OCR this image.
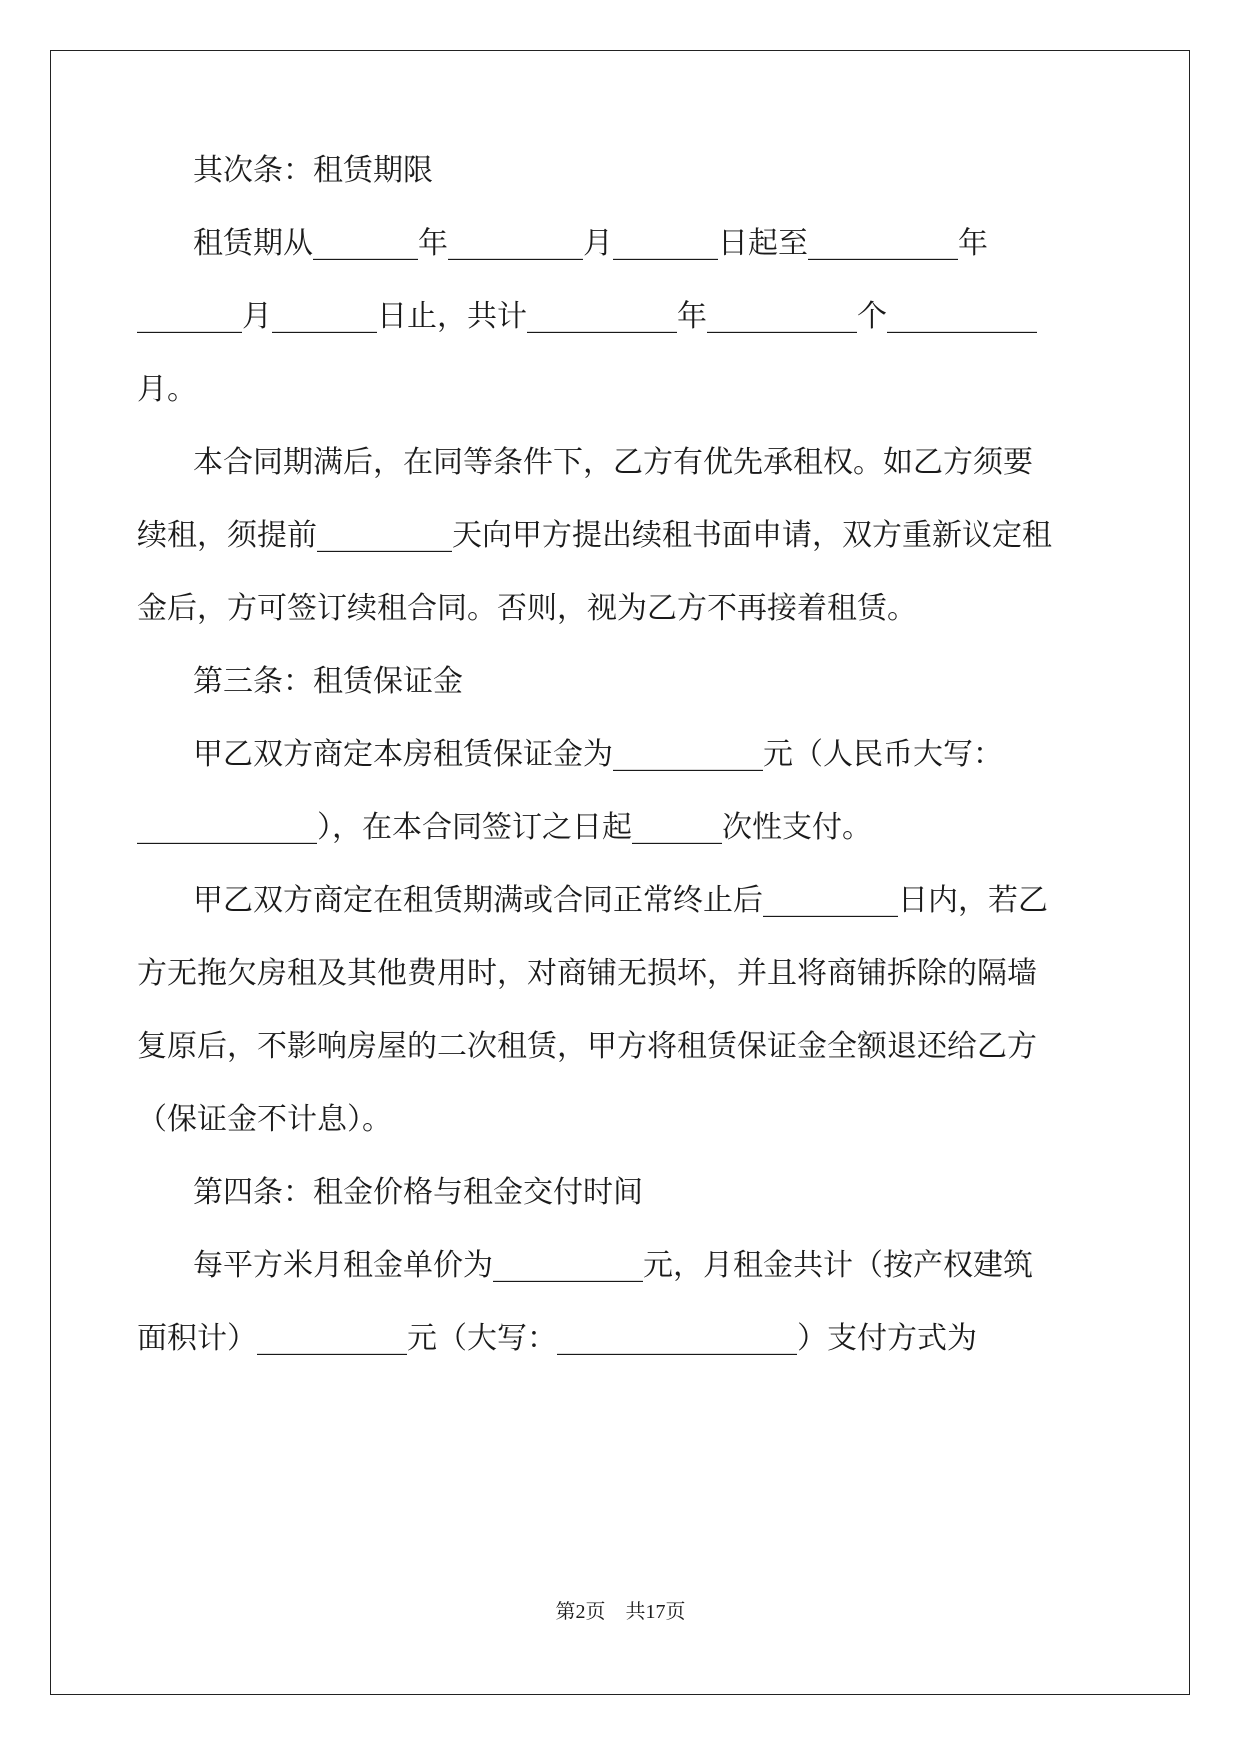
其次条：租赁期限

租赁期从_______年_________月_______日起至__________年

_______月_______日止，共计__________年__________个__________

月。

本合同期满后，在同等条件下，乙方有优先承租权。如乙方须要

续租，须提前_________天向甲方提出续租书面申请，双方重新议定租

金后，方可签订续租合同。否则，视为乙方不再接着租赁。

第三条：租赁保证金

甲乙双方商定本房租赁保证金为__________元（人民币大写：

____________），在本合同签订之日起______次性支付。

甲乙双方商定在租赁期满或合同正常终止后_________日内，若乙

方无拖欠房租及其他费用时，对商铺无损坏，并且将商铺拆除的隔墙

复原后，不影响房屋的二次租赁，甲方将租赁保证金全额退还给乙方

（保证金不计息）。

第四条：租金价格与租金交付时间

每平方米月租金单价为__________元，月租金共计（按产权建筑

面积计）__________元（大写：________________）支付方式为

第2页    共17页
